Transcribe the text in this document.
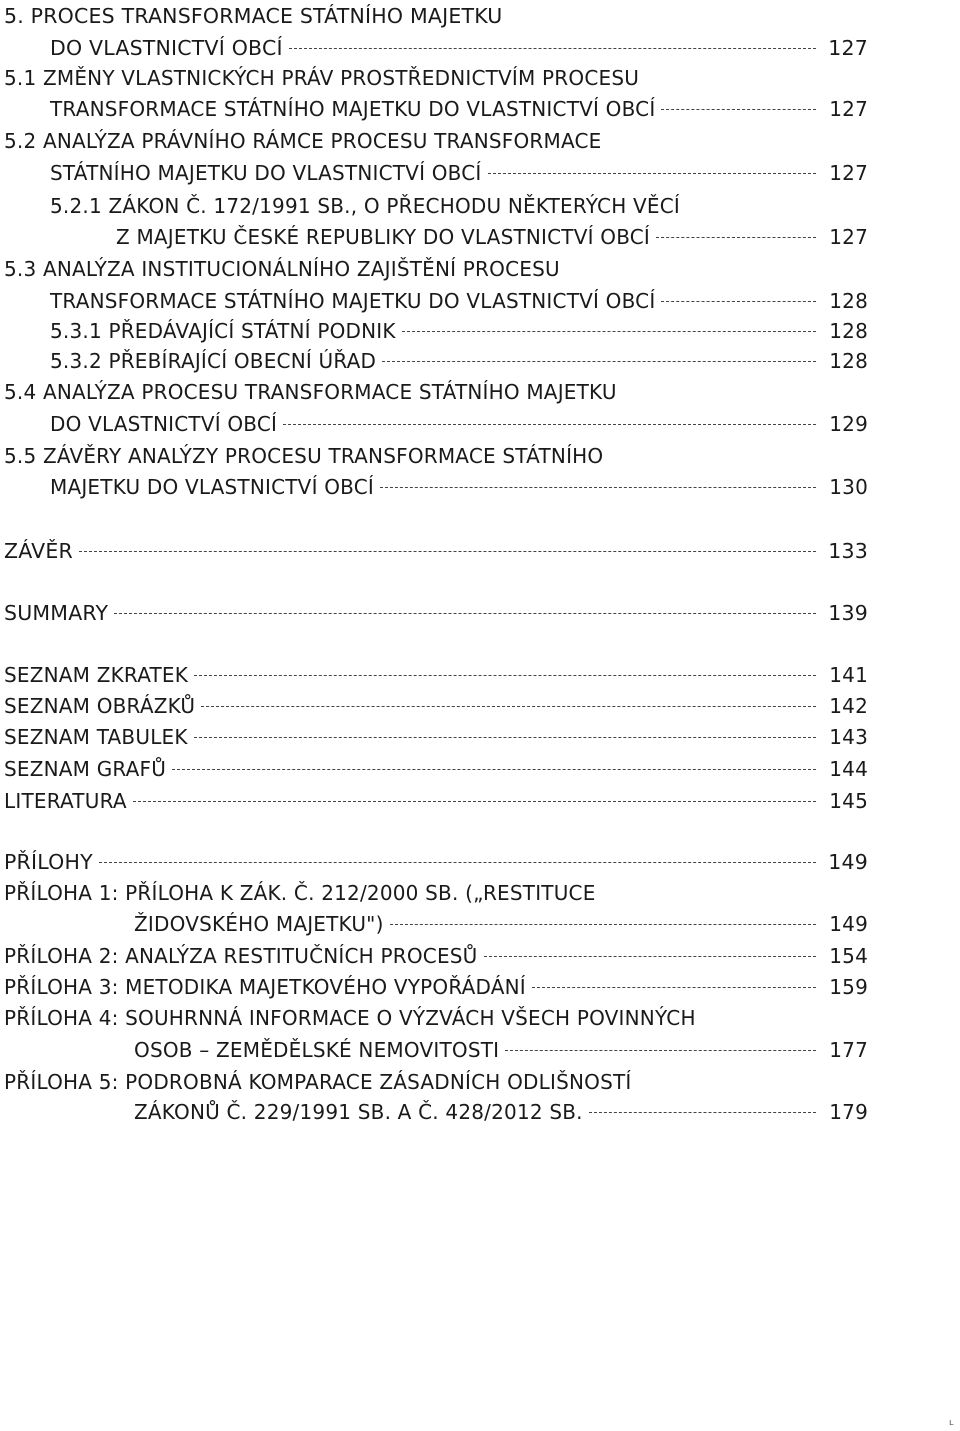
5. PROCES TRANSFORMACE STÁTNÍHO MAJETKU
DO VLASTNICTVÍ OBCÍ	127
5.1 ZMĚNY VLASTNICKÝCH PRÁV PROSTŘEDNICTVÍM PROCESU
TRANSFORMACE STÁTNÍHO MAJETKU DO VLASTNICTVÍ OBCÍ	127
5.2 ANALÝZA PRÁVNÍHO RÁMCE PROCESU TRANSFORMACE
STÁTNÍHO MAJETKU DO VLASTNICTVÍ OBCÍ	127
5.2.1 ZÁKON Č. 172/1991 SB., O PŘECHODU NĚKTERÝCH VĚCÍ
Z MAJETKU ČESKÉ REPUBLIKY DO VLASTNICTVÍ OBCÍ	127
5.3 ANALÝZA INSTITUCIONÁLNÍHO ZAJIŠTĚNÍ PROCESU
TRANSFORMACE STÁTNÍHO MAJETKU DO VLASTNICTVÍ OBCÍ	128
5.3.1 PŘEDÁVAJÍCÍ STÁTNÍ PODNIK	128
5.3.2 PŘEBÍRAJÍCÍ OBECNÍ ÚŘAD	128
5.4 ANALÝZA PROCESU TRANSFORMACE STÁTNÍHO MAJETKU
DO VLASTNICTVÍ OBCÍ	129
5.5 ZÁVĚRY ANALÝZY PROCESU TRANSFORMACE STÁTNÍHO
MAJETKU DO VLASTNICTVÍ OBCÍ	130
ZÁVĚR	133
SUMMARY	139
SEZNAM ZKRATEK	141
SEZNAM OBRÁZKŮ	142
SEZNAM TABULEK	143
SEZNAM GRAFŮ	144
LITERATURA	145
PŘÍLOHY	149
PŘÍLOHA 1: PŘÍLOHA K ZÁK. Č. 212/2000 SB. („RESTITUCE
ŽIDOVSKÉHO MAJETKU")	149
PŘÍLOHA 2: ANALÝZA RESTITUČNÍCH PROCESŮ	154
PŘÍLOHA 3: METODIKA MAJETKOVÉHO VYPOŘÁDÁNÍ	159
PŘÍLOHA 4: SOUHRNNÁ INFORMACE O VÝZVÁCH VŠECH POVINNÝCH
OSOB – ZEMĚDĚLSKÉ NEMOVITOSTI	177
PŘÍLOHA 5: PODROBNÁ KOMPARACE ZÁSADNÍCH ODLIŠNOSTÍ
ZÁKONŮ Č. 229/1991 SB. A Č. 428/2012 SB.	179
ʟ
